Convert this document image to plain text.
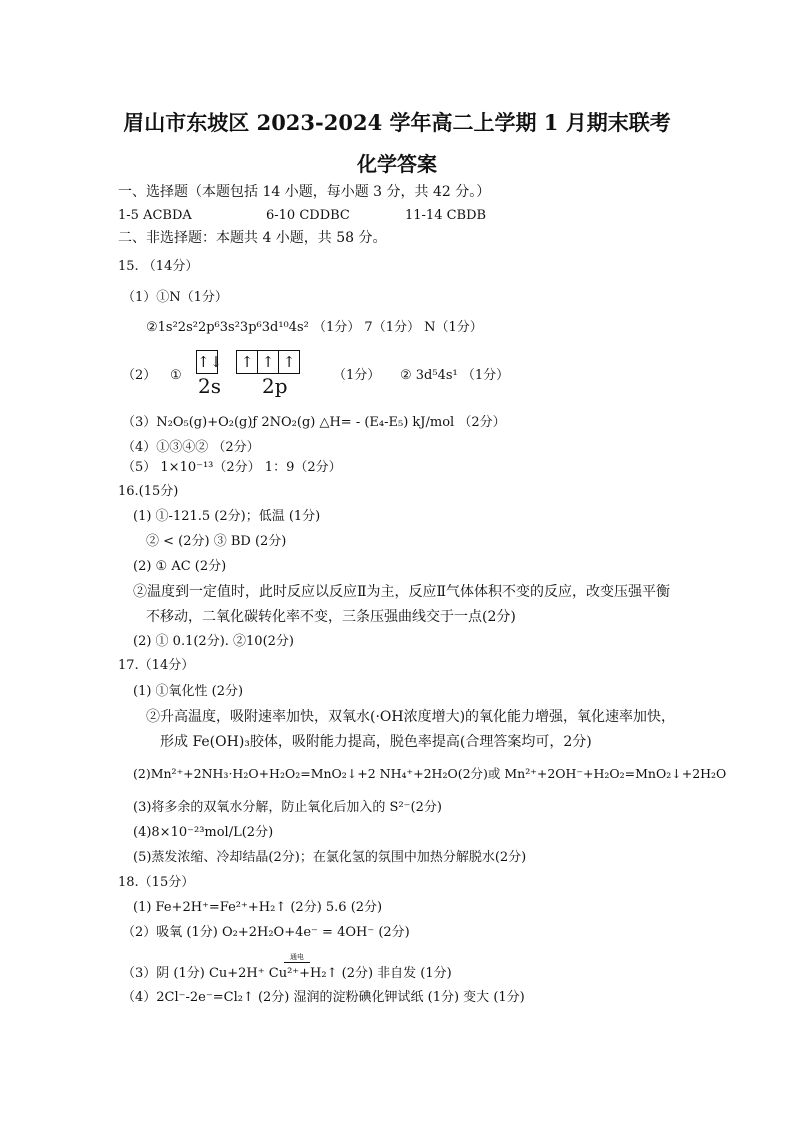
眉山市东坡区 2023-2024 学年高二上学期 1 月期末联考
化学答案
一、选择题（本题包括 14 小题，每小题 3 分，共 42 分。）
1-5 ACBDA	6-10 CDDBC	11-14 CBDB
二、非选择题：本题共 4 小题，共 58 分。
15. （14分）
（1）①N（1分）
②1s²2s²2p⁶3s²3p⁶3d¹⁰4s² （1分） 7（1分） N（1分）
（2） ①
↑↓	↑ ↑ ↑
2s 2p	（1分） ② 3d⁵4s¹ （1分）
（3）N₂O₅(g)+O₂(g)ƒ 2NO₂(g) △H= - (E₄-E₅) kJ/mol （2分）
（4）①③④② （2分）
（5） 1×10⁻¹³（2分） 1：9（2分）
16.(15分)
(1) ①-121.5 (2分)；低温 (1分)
② < (2分) ③ BD (2分)
(2) ① AC (2分)
②温度到一定值时，此时反应以反应Ⅱ为主，反应Ⅱ气体体积不变的反应，改变压强平衡
不移动，二氧化碳转化率不变，三条压强曲线交于一点(2分)
(2) ① 0.1(2分). ②10(2分)
17.（14分）
(1) ①氧化性 (2分)
②升高温度，吸附速率加快，双氧水(·OH浓度增大)的氧化能力增强，氧化速率加快，
形成 Fe(OH)₃胶体，吸附能力提高，脱色率提高(合理答案均可，2分)
(2)Mn²⁺+2NH₃·H₂O+H₂O₂=MnO₂↓+2 NH₄⁺+2H₂O(2分)或 Mn²⁺+2OH⁻+H₂O₂=MnO₂↓+2H₂O
(3)将多余的双氧水分解，防止氧化后加入的 S²⁻(2分)
(4)8×10⁻²³mol/L(2分)
(5)蒸发浓缩、冷却结晶(2分)；在氯化氢的氛围中加热分解脱水(2分)
18.（15分）
(1) Fe+2H⁺=Fe²⁺+H₂↑ (2分) 5.6 (2分)
（2）吸氧 (1分) O₂+2H₂O+4e⁻ = 4OH⁻ (2分)
通电
（3）阴 (1分) Cu+2H⁺ Cu²⁺+H₂↑ (2分) 非自发 (1分)
（4）2Cl⁻-2e⁻=Cl₂↑ (2分) 湿润的淀粉碘化钾试纸 (1分) 变大 (1分)
